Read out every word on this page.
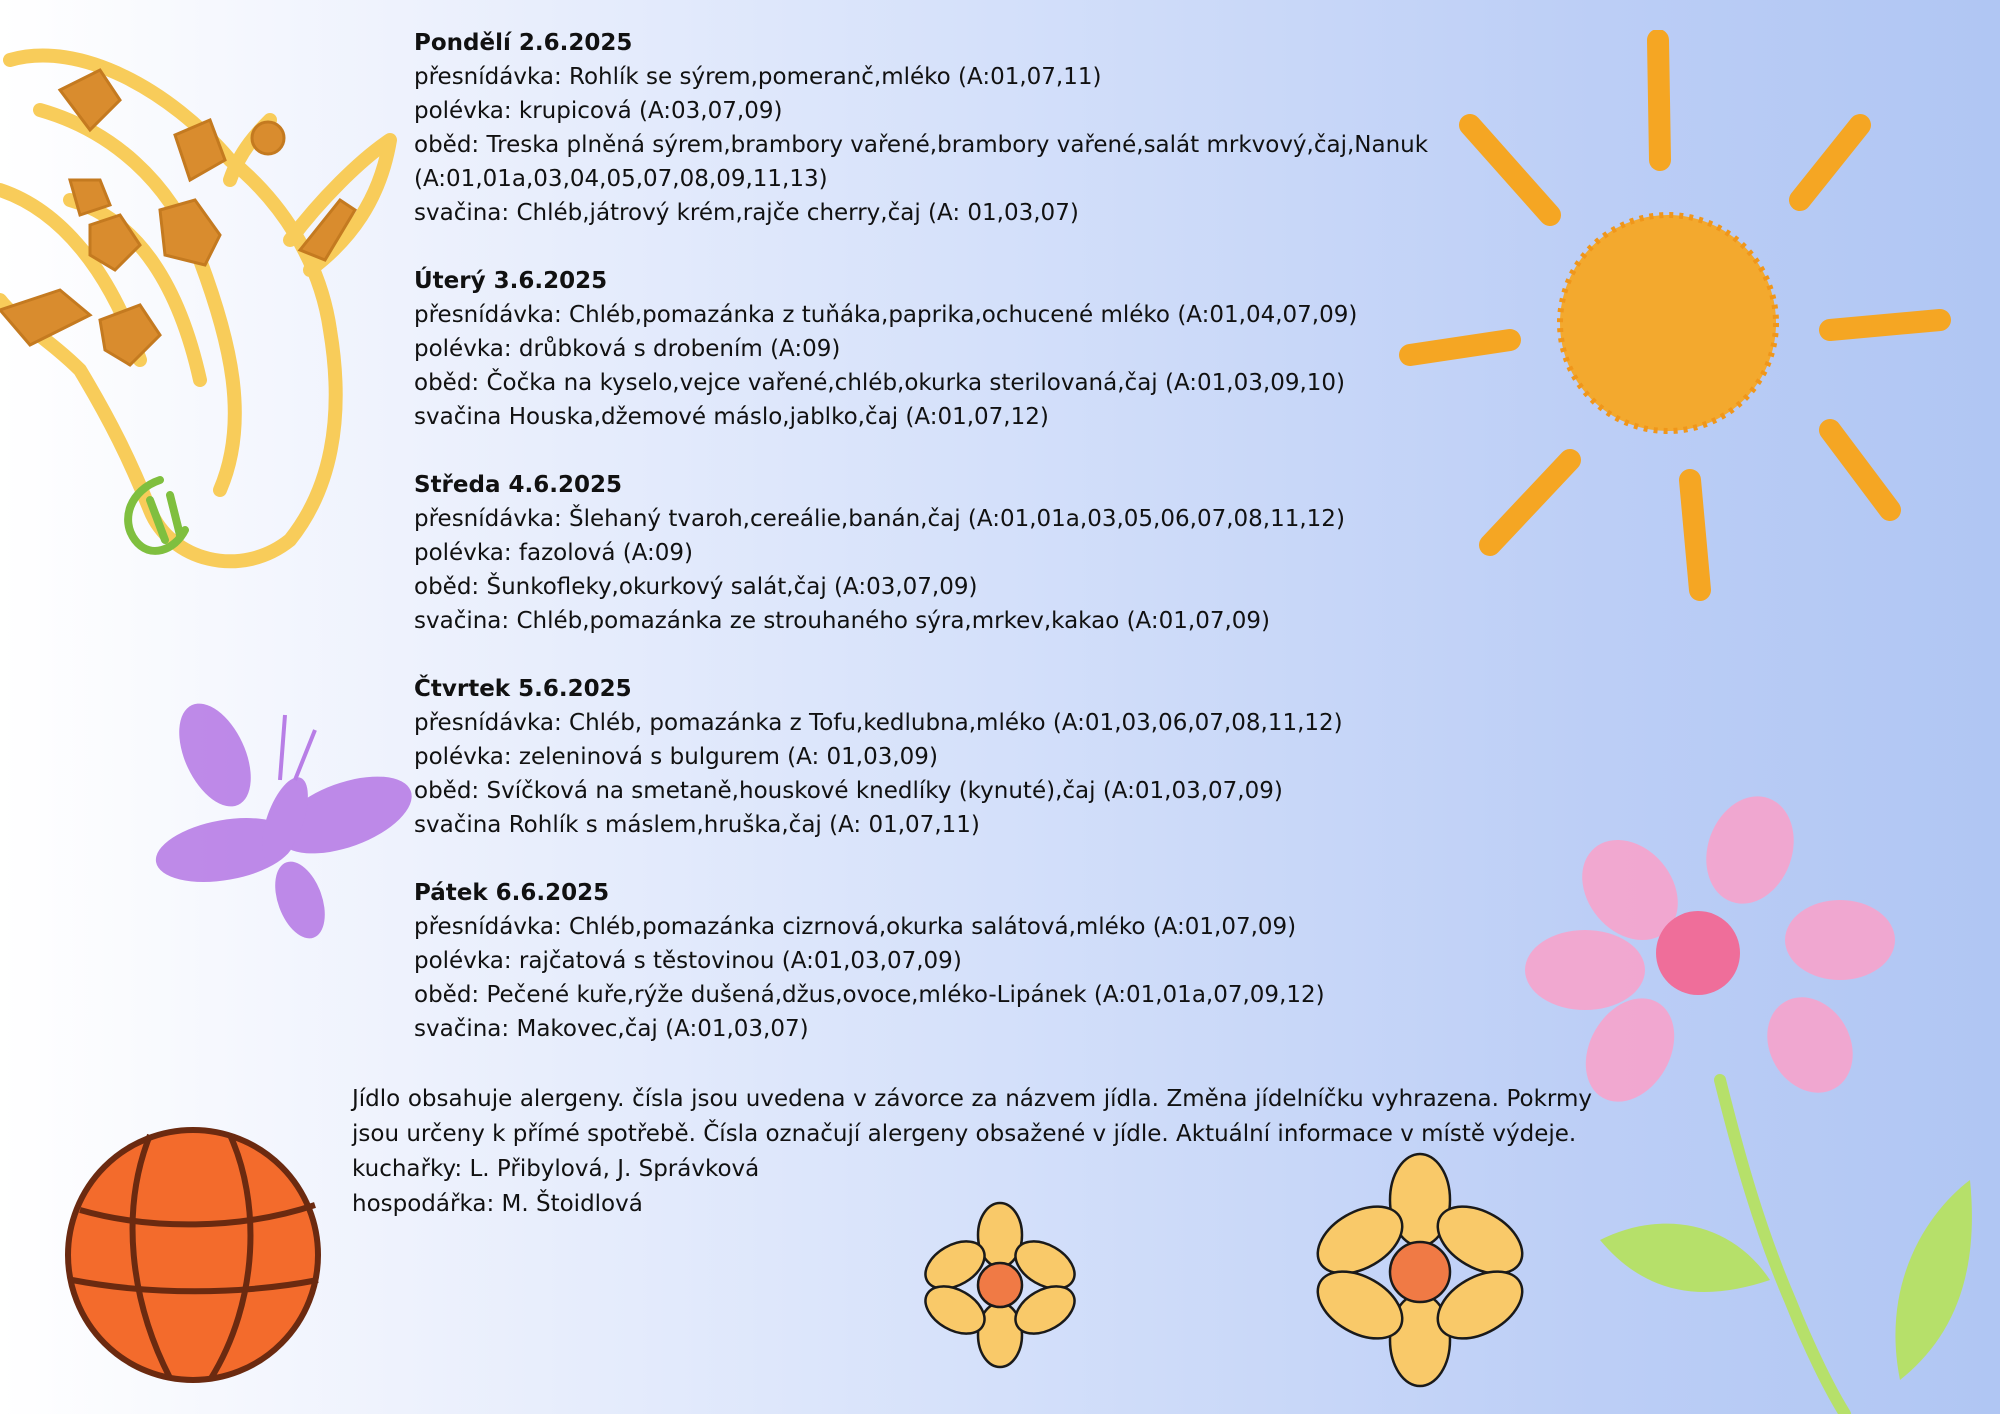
Pondělí 2.6.2025
přesnídávka: Rohlík se sýrem,pomeranč,mléko (A:01,07,11)
polévka: krupicová (A:03,07,09)
oběd: Treska plněná sýrem,brambory vařené,brambory vařené,salát mrkvový,čaj,Nanuk (A:01,01a,03,04,05,07,08,09,11,13)
svačina: Chléb,játrový krém,rajče cherry,čaj (A: 01,03,07)
Úterý 3.6.2025
přesnídávka: Chléb,pomazánka z tuňáka,paprika,ochucené mléko (A:01,04,07,09)
polévka: drůbková s drobením (A:09)
oběd: Čočka na kyselo,vejce vařené,chléb,okurka sterilovaná,čaj (A:01,03,09,10)
svačina Houska,džemové máslo,jablko,čaj (A:01,07,12)
Středa 4.6.2025
přesnídávka: Šlehaný tvaroh,cereálie,banán,čaj (A:01,01a,03,05,06,07,08,11,12)
polévka: fazolová (A:09)
oběd: Šunkofleky,okurkový salát,čaj (A:03,07,09)
svačina: Chléb,pomazánka ze strouhaného sýra,mrkev,kakao (A:01,07,09)
Čtvrtek 5.6.2025
přesnídávka: Chléb, pomazánka z Tofu,kedlubna,mléko (A:01,03,06,07,08,11,12)
polévka: zeleninová s bulgurem (A: 01,03,09)
oběd: Svíčková na smetaně,houskové knedlíky (kynuté),čaj (A:01,03,07,09)
svačina Rohlík s máslem,hruška,čaj (A: 01,07,11)
Pátek 6.6.2025
přesnídávka: Chléb,pomazánka cizrnová,okurka salátová,mléko (A:01,07,09)
polévka: rajčatová s těstovinou (A:01,03,07,09)
oběd: Pečené kuře,rýže dušená,džus,ovoce,mléko-Lipánek (A:01,01a,07,09,12)
svačina: Makovec,čaj (A:01,03,07)
Jídlo obsahuje alergeny. čísla jsou uvedena v závorce za názvem jídla. Změna jídelníčku vyhrazena. Pokrmy jsou určeny k přímé spotřebě. Čísla označují alergeny obsažené v jídle. Aktuální informace v místě výdeje.
kuchařky: L. Přibylová, J. Správková
hospodářka: M. Štoidlová
